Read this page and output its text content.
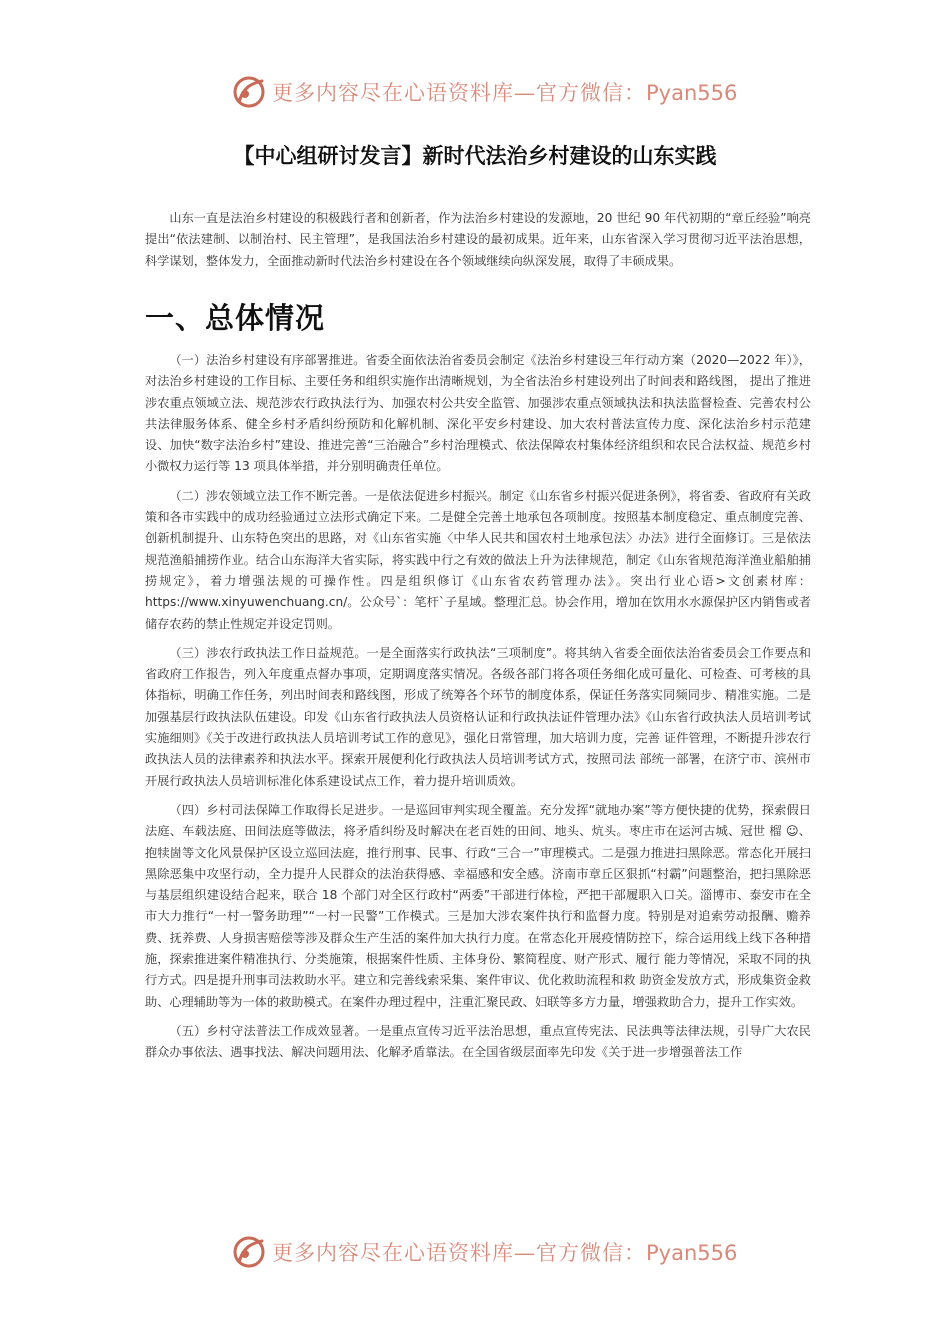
更多内容尽在心语资料库—官方微信：Pyan556
【中心组研讨发言】新时代法治乡村建设的山东实践

山东一直是法治乡村建设的积极践行者和创新者，作为法治乡村建设的发源地，20 世纪 90 年代初期的“章丘经验”响亮提出“依法建制、以制治村、民主管理”，是我国法治乡村建设的最初成果。近年来，山东省深入学习贯彻习近平法治思想，科学谋划，整体发力，全面推动新时代法治乡村建设在各个领域继续向纵深发展，取得了丰硕成果。

一、总体情况

（一）法治乡村建设有序部署推进。省委全面依法治省委员会制定《法治乡村建设三年行动方案（2020—2022 年）》，对法治乡村建设的工作目标、主要任务和组织实施作出清晰规划，为全省法治乡村建设列出了时间表和路线图， 提出了推进涉农重点领域立法、规范涉农行政执法行为、加强农村公共安全监管、加强涉农重点领域执法和执法监督检查、完善农村公共法律服务体系、健全乡村矛盾纠纷预防和化解机制、深化平安乡村建设、加大农村普法宣传力度、深化法治乡村示范建设、加快“数字法治乡村”建设、推进完善“三治融合”乡村治理模式、依法保障农村集体经济组织和农民合法权益、规范乡村小微权力运行等 13 项具体举措，并分别明确责任单位。

（二）涉农领域立法工作不断完善。一是依法促进乡村振兴。制定《山东省乡村振兴促进条例》，将省委、省政府有关政策和各市实践中的成功经验通过立法形式确定下来。二是健全完善土地承包各项制度。按照基本制度稳定、重点制度完善、创新机制提升、山东特色突出的思路，对《山东省实施〈中华人民共和国农村土地承包法〉办法》进行全面修订。三是依法规范渔船捕捞作业。结合山东海洋大省实际，将实践中行之有效的做法上升为法律规范，制定《山东省规范海洋渔业船舶捕捞规定》，着力增强法规的可操作性。四是组织修订《山东省农药管理办法》。突出行业心语>文创素材库：https://www.xinyuwenchuang.cn/。公众号`：笔杆`子星域。整理汇总。协会作用，增加在饮用水水源保护区内销售或者储存农药的禁止性规定并设定罚则。

（三）涉农行政执法工作日益规范。一是全面落实行政执法“三项制度”。将其纳入省委全面依法治省委员会工作要点和省政府工作报告，列入年度重点督办事项，定期调度落实情况。各级各部门将各项任务细化成可量化、可检查、可考核的具体指标，明确工作任务，列出时间表和路线图，形成了统筹各个环节的制度体系，保证任务落实同频同步、精准实施。二是加强基层行政执法队伍建设。印发《山东省行政执法人员资格认证和行政执法证件管理办法》《山东省行政执法人员培训考试实施细则》《关于改进行政执法人员培训考试工作的意见》，强化日常管理，加大培训力度，完善 证件管理，不断提升涉农行政执法人员的法律素养和执法水平。探索开展便利化行政执法人员培训考试方式，按照司法 部统一部署，在济宁市、滨州市开展行政执法人员培训标准化体系建设试点工作，着力提升培训质效。

（四）乡村司法保障工作取得长足进步。一是巡回审判实现全覆盖。充分发挥“就地办案”等方便快捷的优势，探索假日法庭、车载法庭、田间法庭等做法，将矛盾纠纷及时解决在老百姓的田间、地头、炕头。枣庄市在运河古城、冠世 榴 ☺、抱犊崮等文化风景保护区设立巡回法庭，推行刑事、民事、行政“三合一”审理模式。二是强力推进扫黑除恶。常态化开展扫黑除恶集中攻坚行动，全力提升人民群众的法治获得感、幸福感和安全感。济南市章丘区狠抓“村霸”问题整治，把扫黑除恶与基层组织建设结合起来，联合 18 个部门对全区行政村“两委”干部进行体检，严把干部履职入口关。淄博市、泰安市在全市大力推行“一村一警务助理”“一村一民警”工作模式。三是加大涉农案件执行和监督力度。特别是对追索劳动报酬、赡养费、抚养费、人身损害赔偿等涉及群众生产生活的案件加大执行力度。在常态化开展疫情防控下，综合运用线上线下各种措施，探索推进案件精准执行、分类施策，根据案件性质、主体身份、繁简程度、财产形式、履行 能力等情况，采取不同的执行方式。四是提升刑事司法救助水平。建立和完善线索采集、案件审议、优化救助流程和救 助资金发放方式，形成集资金救助、心理辅助等为一体的救助模式。在案件办理过程中，注重汇聚民政、妇联等多方力量，增强救助合力，提升工作实效。

（五）乡村守法普法工作成效显著。一是重点宣传习近平法治思想，重点宣传宪法、民法典等法律法规，引导广大农民群众办事依法、遇事找法、解决问题用法、化解矛盾靠法。在全国省级层面率先印发《关于进一步增强普法工作

更多内容尽在心语资料库—官方微信：Pyan556
